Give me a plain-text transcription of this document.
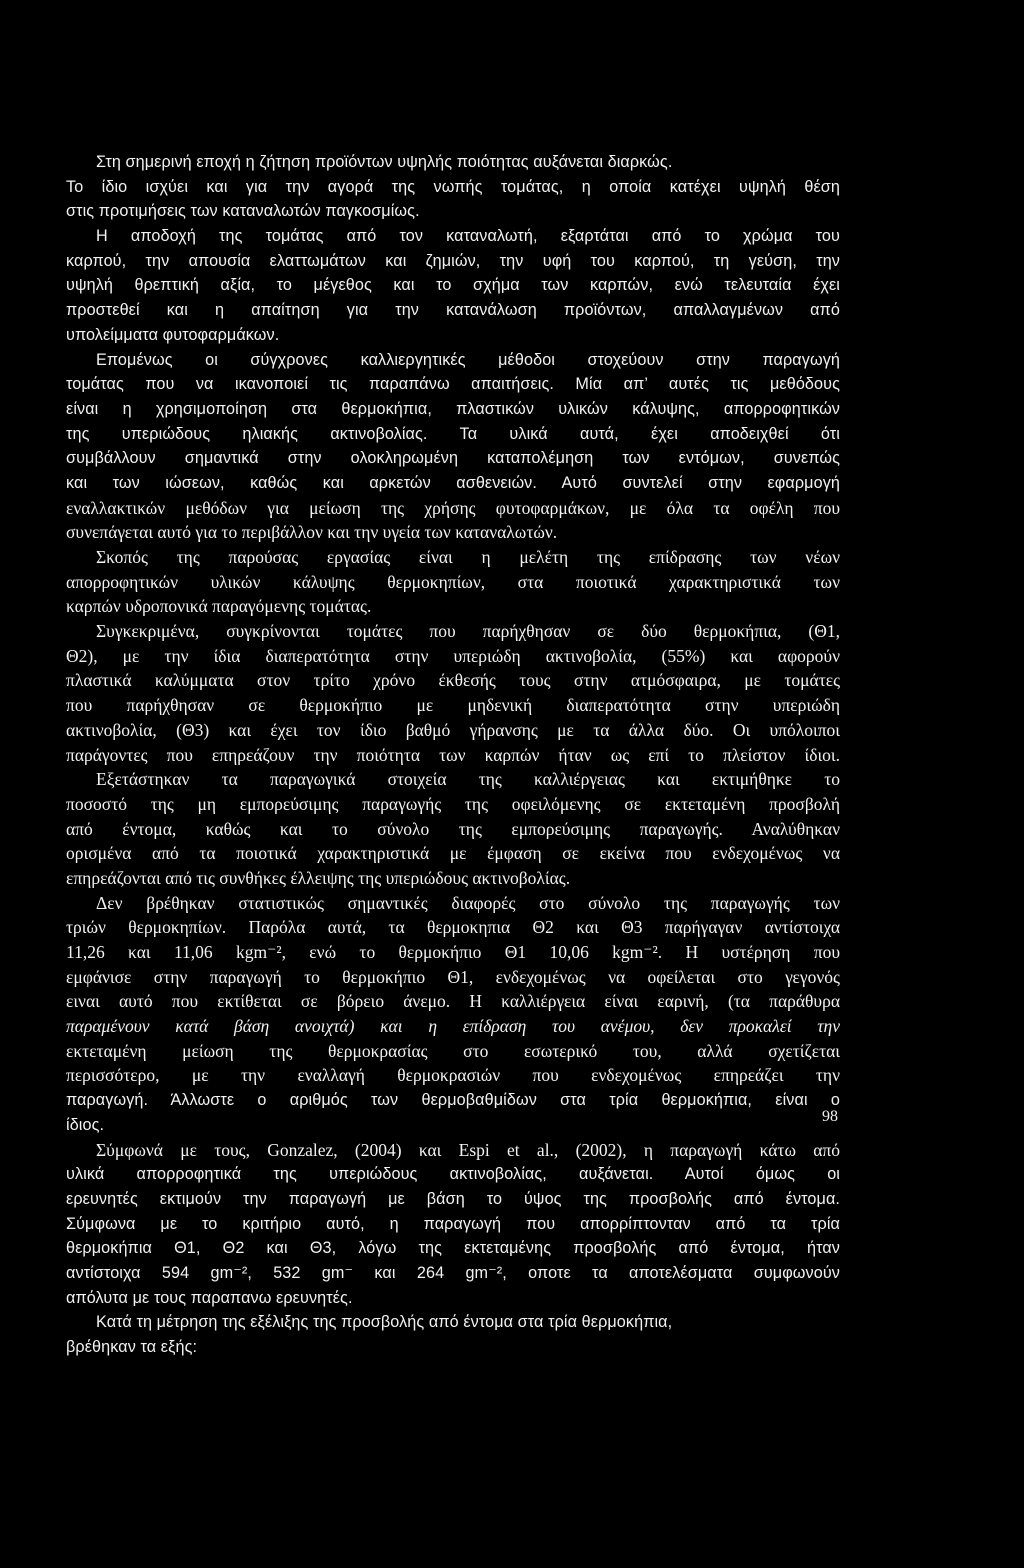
Στη σημερινή εποχή η ζήτηση προϊόντων υψηλής ποιότητας αυξάνεται διαρκώς.
Το ίδιο ισχύει και για την αγορά της νωπής τομάτας, η οποία κατέχει υψηλή θέση
στις προτιμήσεις των καταναλωτών παγκοσμίως.
Η αποδοχή της τομάτας από τον καταναλωτή, εξαρτάται από το χρώμα του
καρπού, την απουσία ελαττωμάτων και ζημιών, την υφή του καρπού, τη γεύση, την
υψηλή θρεπτική αξία, το μέγεθος και το σχήμα των καρπών, ενώ τελευταία έχει
προστεθεί και η απαίτηση για την κατανάλωση προϊόντων, απαλλαγμένων από
υπολείμματα φυτοφαρμάκων.
Επομένως οι σύγχρονες καλλιεργητικές μέθοδοι στοχεύουν στην παραγωγή
τομάτας που να ικανοποιεί τις παραπάνω απαιτήσεις. Μία απ’ αυτές τις μεθόδους
είναι η χρησιμοποίηση στα θερμοκήπια, πλαστικών υλικών κάλυψης, απορροφητικών
της υπεριώδους ηλιακής ακτινοβολίας. Τα υλικά αυτά, έχει αποδειχθεί ότι
συμβάλλουν σημαντικά στην ολοκληρωμένη καταπολέμηση των εντόμων, συνεπώς
και των ιώσεων, καθώς και αρκετών ασθενειών. Αυτό συντελεί στην εφαρμογή
εναλλακτικών μεθόδων για μείωση της χρήσης φυτοφαρμάκων, με όλα τα οφέλη που
συνεπάγεται αυτό για το περιβάλλον και την υγεία των καταναλωτών.
Σκοπός της παρούσας εργασίας είναι η μελέτη της επίδρασης των νέων
απορροφητικών υλικών κάλυψης θερμοκηπίων, στα ποιοτικά χαρακτηριστικά των
καρπών υδροπονικά παραγόμενης τομάτας.
Συγκεκριμένα, συγκρίνονται τομάτες που παρήχθησαν σε δύο θερμοκήπια, (Θ1,
Θ2), με την ίδια διαπερατότητα στην υπεριώδη ακτινοβολία, (55%) και αφορούν
πλαστικά καλύμματα στον τρίτο χρόνο έκθεσής τους στην ατμόσφαιρα, με τομάτες
που παρήχθησαν σε θερμοκήπιο με μηδενική διαπερατότητα στην υπεριώδη
ακτινοβολία, (Θ3) και έχει τον ίδιο βαθμό γήρανσης με τα άλλα δύο. Οι υπόλοιποι
παράγοντες που επηρεάζουν την ποιότητα των καρπών ήταν ως επί το πλείστον ίδιοι.
Εξετάστηκαν τα παραγωγικά στοιχεία της καλλιέργειας και εκτιμήθηκε το
ποσοστό της μη εμπορεύσιμης παραγωγής της οφειλόμενης σε εκτεταμένη προσβολή
από έντομα, καθώς και το σύνολο της εμπορεύσιμης παραγωγής. Αναλύθηκαν
ορισμένα από τα ποιοτικά χαρακτηριστικά με έμφαση σε εκείνα που ενδεχομένως να
επηρεάζονται από τις συνθήκες έλλειψης της υπεριώδους ακτινοβολίας.
Δεν βρέθηκαν στατιστικώς σημαντικές διαφορές στο σύνολο της παραγωγής των
τριών θερμοκηπίων. Παρόλα αυτά, τα θερμοκηπια Θ2 και Θ3 παρήγαγαν αντίστοιχα
11,26 και 11,06 kgm⁻², ενώ το θερμοκήπιο Θ1 10,06 kgm⁻². Η υστέρηση που
εμφάνισε στην παραγωγή το θερμοκήπιο Θ1, ενδεχομένως να οφείλεται στο γεγονός
ειναι αυτό που εκτίθεται σε βόρειο άνεμο. Η καλλιέργεια είναι εαρινή, (τα παράθυρα
παραμένουν κατά βάση ανοιχτά) και η επίδραση του ανέμου, δεν προκαλεί την
εκτεταμένη μείωση της θερμοκρασίας στο εσωτερικό του, αλλά σχετίζεται
περισσότερο, με την εναλλαγή θερμοκρασιών που ενδεχομένως επηρεάζει την
παραγωγή. Άλλωστε ο αριθμός των θερμοβαθμίδων στα τρία θερμοκήπια, είναι ο
ίδιος.
Σύμφωνά με τους, Gonzalez, (2004) και Espi et al., (2002), η παραγωγή κάτω από
υλικά απορροφητικά της υπεριώδους ακτινοβολίας, αυξάνεται. Αυτοί όμως οι
ερευνητές εκτιμούν την παραγωγή με βάση το ύψος της προσβολής από έντομα.
Σύμφωνα με το κριτήριο αυτό, η παραγωγή που απορρίπτονταν από τα τρία
θερμοκήπια Θ1, Θ2 και Θ3, λόγω της εκτεταμένης προσβολής από έντομα, ήταν
αντίστοιχα 594 gm⁻², 532 gm⁻ και 264 gm⁻², οποτε τα αποτελέσματα συμφωνούν
απόλυτα με τους παραπανω ερευνητές.
Κατά τη μέτρηση της εξέλιξης της προσβολής από έντομα στα τρία θερμοκήπια,
βρέθηκαν τα εξής:
98
